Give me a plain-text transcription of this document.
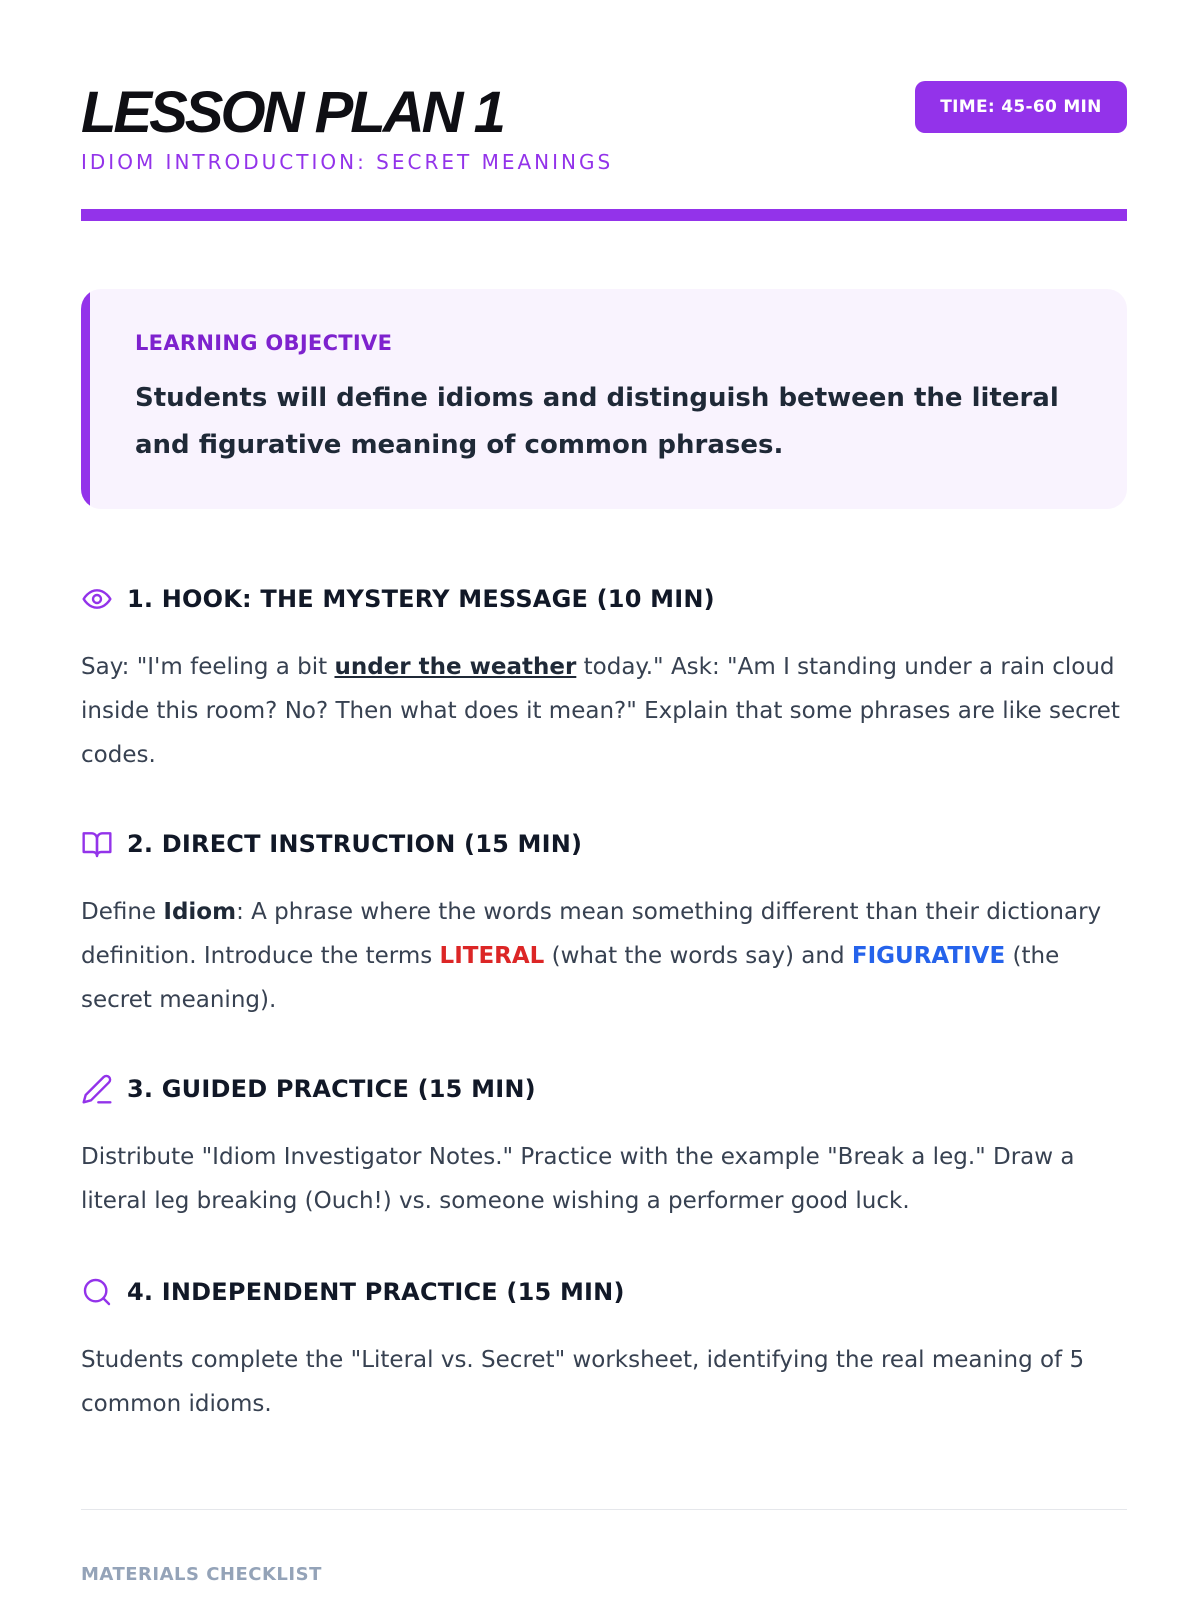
LESSON PLAN 1
IDIOM INTRODUCTION: SECRET MEANINGS
TIME: 45-60 MIN
LEARNING OBJECTIVE
Students will define idioms and distinguish between the literal and figurative meaning of common phrases.
1. HOOK: THE MYSTERY MESSAGE (10 MIN)
Say: "I'm feeling a bit under the weather today." Ask: "Am I standing under a rain cloud inside this room? No? Then what does it mean?" Explain that some phrases are like secret codes.
2. DIRECT INSTRUCTION (15 MIN)
Define Idiom: A phrase where the words mean something different than their dictionary definition. Introduce the terms LITERAL (what the words say) and FIGURATIVE (the secret meaning).
3. GUIDED PRACTICE (15 MIN)
Distribute "Idiom Investigator Notes." Practice with the example "Break a leg." Draw a literal leg breaking (Ouch!) vs. someone wishing a performer good luck.
4. INDEPENDENT PRACTICE (15 MIN)
Students complete the "Literal vs. Secret" worksheet, identifying the real meaning of 5 common idioms.
MATERIALS CHECKLIST
